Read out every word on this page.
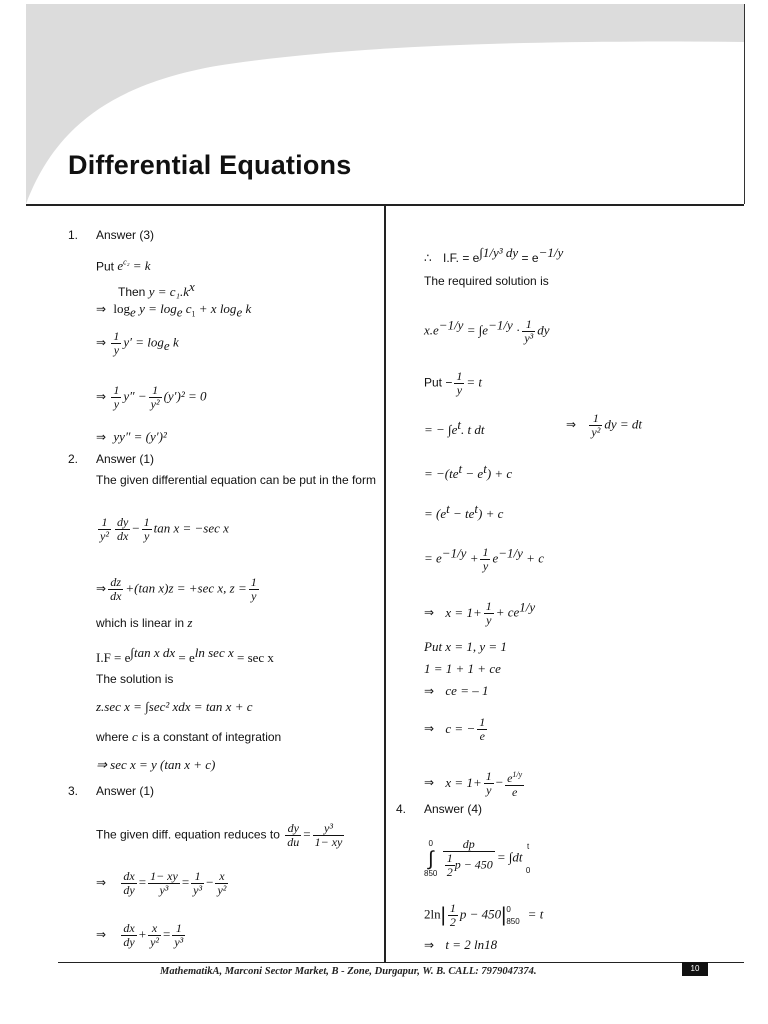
Differential Equations
1. Answer (3)
Put $e^{c_2} = k$
Then $y = c_1.k^x$
⇒ $\log_e y = \log_e c_1 + x$ $\log_e k$
⇒ $\frac{1}{y} y' = \log_e k$
⇒ $\frac{1}{y} y'' - \frac{1}{\text{y²}} (y')^2 = 0$
⇒ yy″ = (y′)²
2. Answer (1)
The given differential equation can be put in the form
$\frac{1}{\text{y²}} \frac{dy}{dx} - \frac{1}{y}$ tan x = −sec x
⇒ $\frac{dz}{dx} +(\tan$ x)z = +sec x, $z = \frac{1}{y}$
which is linear in z
$I.F = e^{\int tan x dx} = e^{ln sec x} = \sec x$
The solution is
z.sec x = ∫sec² xdx = tan x + c
where c is a constant of integration
⇒ sec x = y (tan x + c)
3. Answer (1)
The given diff. equation reduces to $\frac{dy}{du} = \frac{\text{y³}}{1- xy}$
⇒ $\frac{dx}{dy} = \frac{1- xy}{\text{y³}} = \frac{1}{\text{y³}} - \frac{x}{\text{y²}}$
⇒ $\frac{dx}{dy} + \frac{x}{\text{y²}} = \frac{1}{\text{y³}}$
∴ I.F. = $e^{\int 1/y^3 dy} = e^{-1/y}$
The required solution is
$x.e^{-1/y} = \int e^{-1/y} \cdot \frac{1}{\text{y³}}$ dy
Put − $\frac{1}{y} = t$
= − $\int e^t$. t dt	⇒ $\frac{1}{\text{y²}}$ dy = dt
= $-(te^t - e^t) + c$
= $(e^t - te^t) + c$
= $e^{-1/y} + \frac{1}{y} e^{-1/y} + c$
⇒ $x = 1+ \frac{1}{y} + ce^{1/y}$
Put x = 1, y = 1
1 = 1 + 1 + ce
⇒ ce = – 1
⇒ c = − $\frac{1}{e}$
⇒ $x = 1+ \frac{1}{y} - \frac{e^{1/y}}{e}$
4. Answer (4)
0
∫
850
$\frac{dp}{\frac{1}{2} p - 450} = \int dt$
t
0
$2\ln| \frac{1}{2}$ p − 450| 0
850 = t
⇒ t = 2 ln18
MathematikA, Marconi Sector Market, B - Zone, Durgapur, W. B. CALL: 7979047374.	10
